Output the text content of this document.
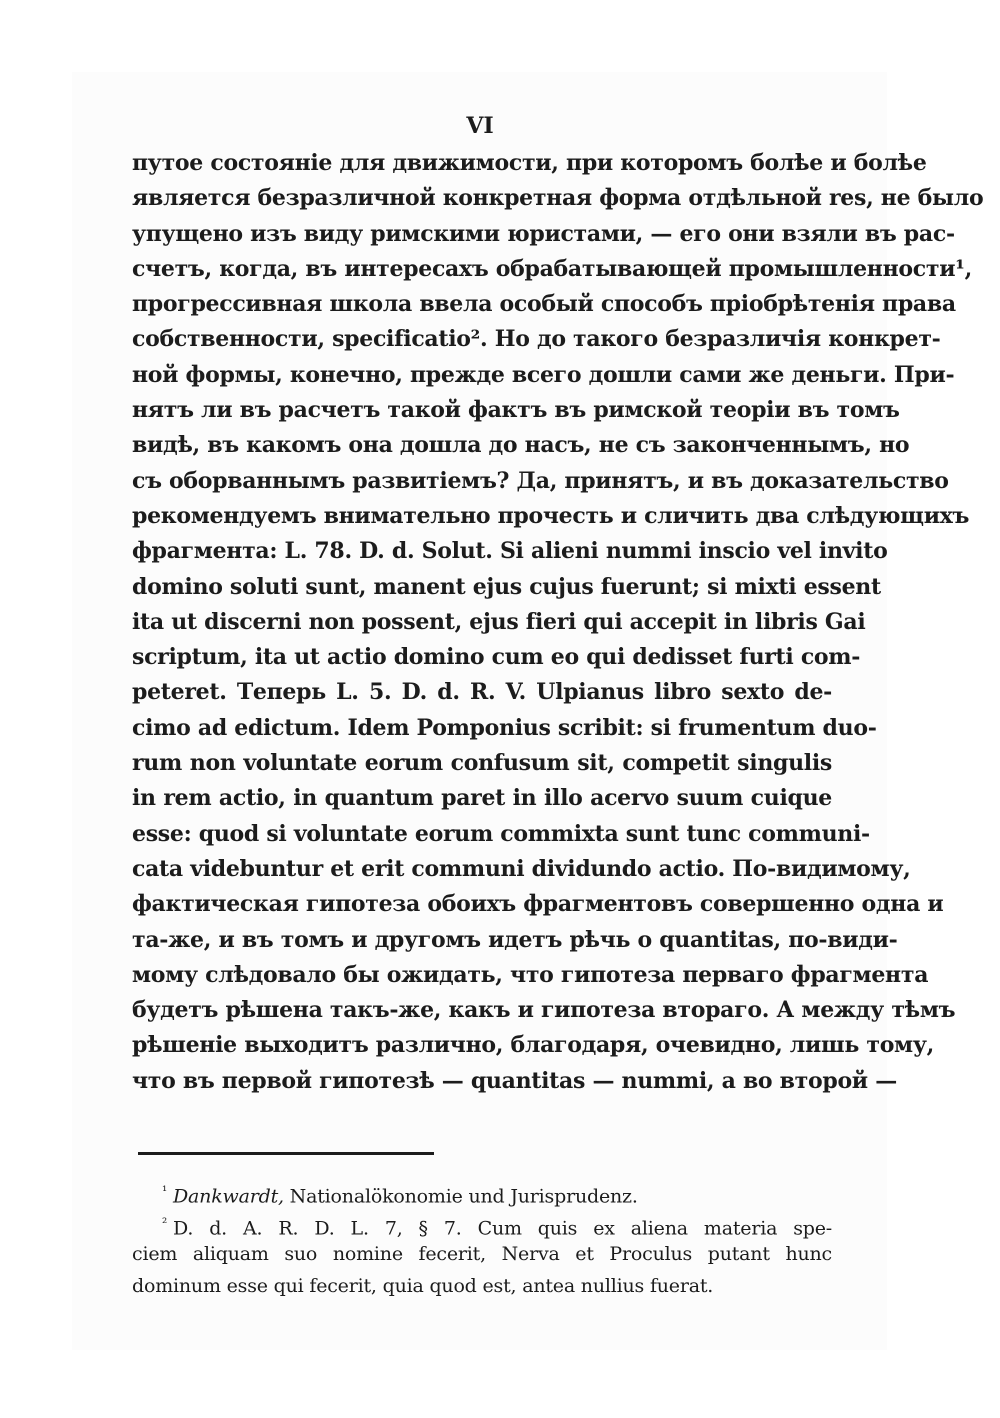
VI
путое состояніе для движимости, при которомъ болѣе и болѣе
является безразличной конкретная форма отдѣльной res, не было
упущено изъ виду римскими юристами, — его они взяли въ рас-
счетъ, когда, въ интересахъ обрабатывающей промышленности¹,
прогрессивная школа ввела особый способъ пріобрѣтенія права
собственности, specificatio². Но до такого безразличія конкрет-
ной формы, конечно, прежде всего дошли сами же деньги. При-
нятъ ли въ расчетъ такой фактъ въ римской теоріи въ томъ
видѣ, въ какомъ она дошла до насъ, не съ законченнымъ, но
съ оборваннымъ развитіемъ? Да, принятъ, и въ доказательство
рекомендуемъ внимательно прочесть и сличить два слѣдующихъ
фрагмента: L. 78. D. d. Solut. Si alieni nummi inscio vel invito
domino soluti sunt, manent ejus cujus fuerunt; si mixti essent
ita ut discerni non possent, ejus fieri qui accepit in libris Gai
scriptum, ita ut actio domino cum eo qui dedisset furti com-
peteret. Теперь L. 5. D. d. R. V. Ulpianus libro sexto de-
cimo ad edictum. Idem Pomponius scribit: si frumentum duo-
rum non voluntate eorum confusum sit, competit singulis
in rem actio, in quantum paret in illo acervo suum cuique
esse: quod si voluntate eorum commixta sunt tunc communi-
cata videbuntur et erit communi dividundo actio. По-видимому,
фактическая гипотеза обоихъ фрагментовъ совершенно одна и
та-же, и въ томъ и другомъ идетъ рѣчь о quantitas, по-види-
мому слѣдовало бы ожидать, что гипотеза перваго фрагмента
будетъ рѣшена такъ-же, какъ и гипотеза втораго. А между тѣмъ
рѣшеніе выходитъ различно, благодаря, очевидно, лишь тому,
что въ первой гипотезѣ — quantitas — nummi, а во второй —
$^{^1}$ Dankwardt, Nationalökonomie und Jurisprudenz.
$^{^2}$ D. d. A. R. D. L. 7, § 7. Cum quis ex aliena materia spe-
ciem aliquam suo nomine fecerit, Nerva et Proculus putant hunc
dominum esse qui fecerit, quia quod est, antea nullius fuerat.
